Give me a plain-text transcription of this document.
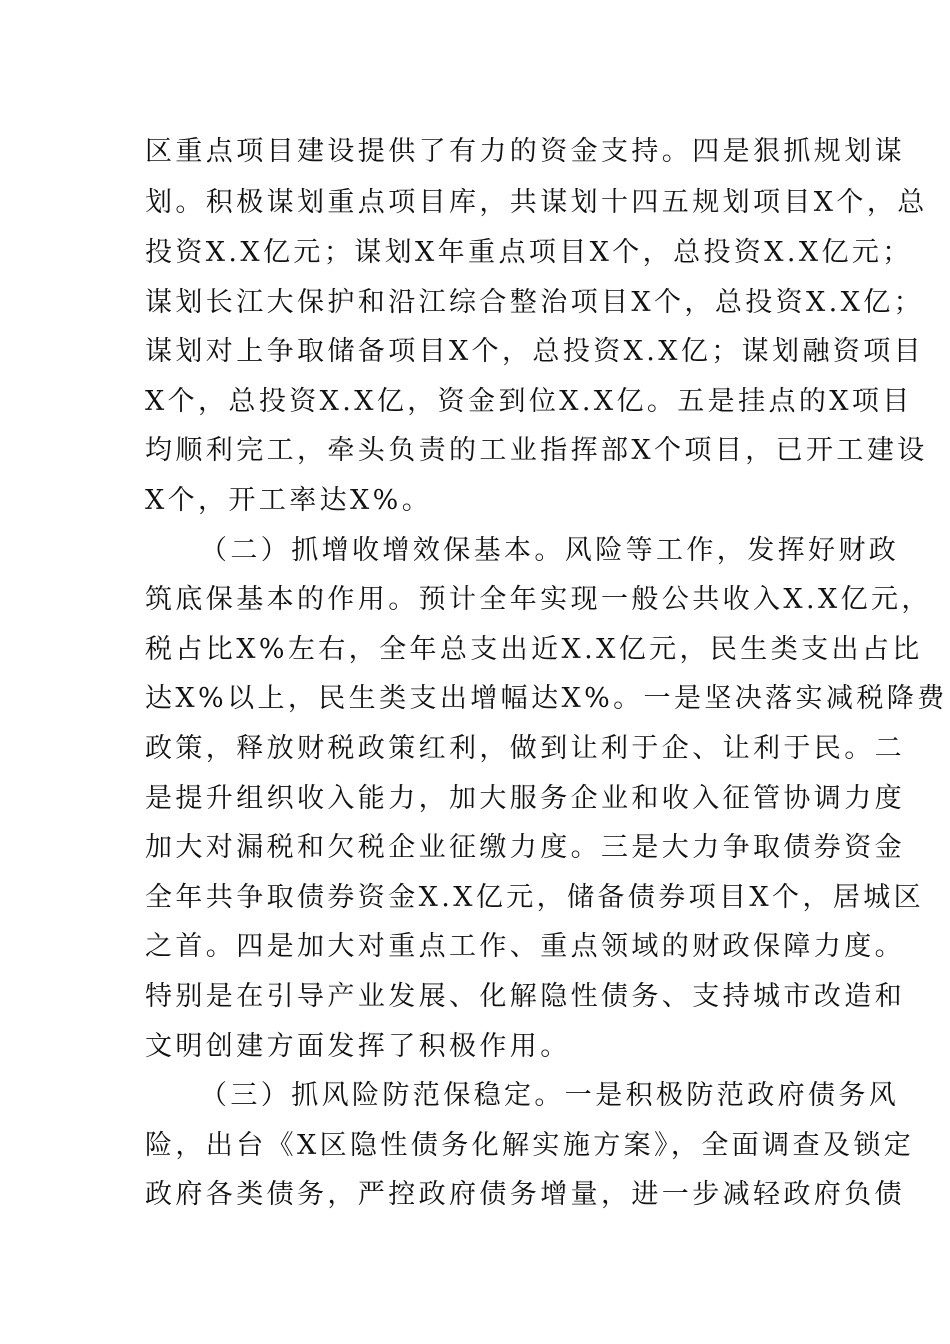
区重点项目建设提供了有力的资金支持。四是狠抓规划谋
划。积极谋划重点项目库，共谋划十四五规划项目X个，总
投资X.X亿元；谋划X年重点项目X个，总投资X.X亿元；
谋划长江大保护和沿江综合整治项目X个，总投资X.X亿；
谋划对上争取储备项目X个，总投资X.X亿；谋划融资项目
X个，总投资X.X亿，资金到位X.X亿。五是挂点的X项目
均顺利完工，牵头负责的工业指挥部X个项目，已开工建设
X个，开工率达X%。
（二）抓增收增效保基本。风险等工作，发挥好财政
筑底保基本的作用。预计全年实现一般公共收入X.X亿元，
税占比X%左右，全年总支出近X.X亿元，民生类支出占比
达X%以上，民生类支出增幅达X%。一是坚决落实减税降费
政策，释放财税政策红利，做到让利于企、让利于民。二
是提升组织收入能力，加大服务企业和收入征管协调力度
加大对漏税和欠税企业征缴力度。三是大力争取债券资金
全年共争取债券资金X.X亿元，储备债券项目X个，居城区
之首。四是加大对重点工作、重点领域的财政保障力度。
特别是在引导产业发展、化解隐性债务、支持城市改造和
文明创建方面发挥了积极作用。
（三）抓风险防范保稳定。一是积极防范政府债务风
险，出台《X区隐性债务化解实施方案》，全面调查及锁定
政府各类债务，严控政府债务增量，进一步减轻政府负债
